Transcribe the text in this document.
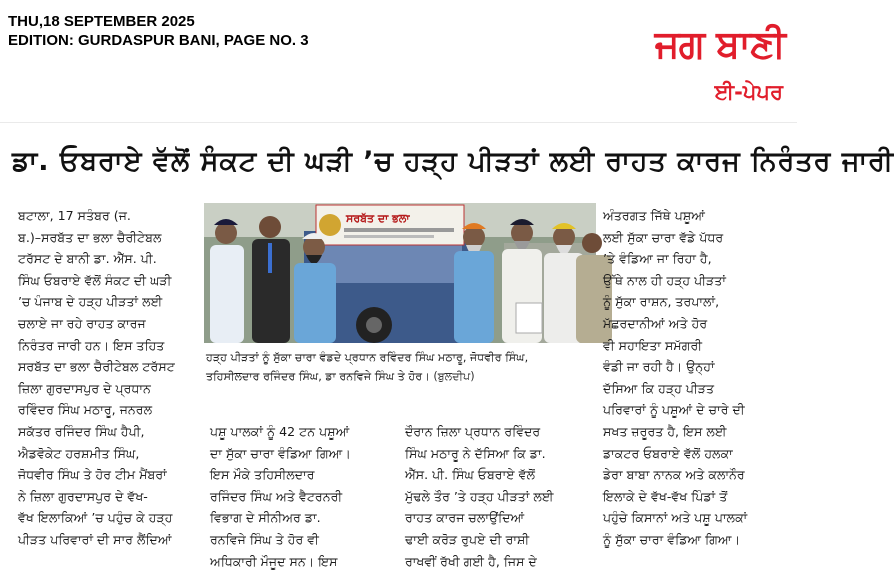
THU,18 SEPTEMBER 2025
EDITION: GURDASPUR BANI, PAGE NO. 3	ਜਗ ਬਾਣੀ
ਈ-ਪੇਪਰ
ਡਾ. ਓਬਰਾਏ ਵੱਲੋਂ ਸੰਕਟ ਦੀ ਘੜੀ ’ਚ ਹੜ੍ਹ ਪੀੜਤਾਂ ਲਈ ਰਾਹਤ ਕਾਰਜ ਨਿਰੰਤਰ ਜਾਰੀ

ਬਟਾਲਾ, 17 ਸਤੰਬਰ (ਜ.

ਬ.)–ਸਰਬੱਤ ਦਾ ਭਲਾ ਚੈਰੀਟੇਬਲ

ਟਰੱਸਟ ਦੇ ਬਾਨੀ ਡਾ. ਐੱਸ. ਪੀ.

ਸਿੰਘ ਓਬਰਾਏ ਵੱਲੋਂ ਸੰਕਟ ਦੀ ਘੜੀ

’ਚ ਪੰਜਾਬ ਦੇ ਹੜ੍ਹ ਪੀੜਤਾਂ ਲਈ

ਚਲਾਏ ਜਾ ਰਹੇ ਰਾਹਤ ਕਾਰਜ

ਨਿਰੰਤਰ ਜਾਰੀ ਹਨ। ਇਸ ਤਹਿਤ

ਸਰਬੱਤ ਦਾ ਭਲਾ ਚੈਰੀਟੇਬਲ ਟਰੱਸਟ

ਜ਼ਿਲਾ ਗੁਰਦਾਸਪੁਰ ਦੇ ਪ੍ਰਧਾਨ

ਰਵਿੰਦਰ ਸਿੰਘ ਮਠਾਰੂ, ਜਨਰਲ

ਸਕੱਤਰ ਰਜਿੰਦਰ ਸਿੰਘ ਹੈਪੀ,

ਐਡਵੋਕੇਟ ਹਰਸ਼ਮੀਤ ਸਿੰਘ,

ਜੋਧਵੀਰ ਸਿੰਘ ਤੇ ਹੋਰ ਟੀਮ ਮੈਂਬਰਾਂ

ਨੇ ਜ਼ਿਲਾ ਗੁਰਦਾਸਪੁਰ ਦੇ ਵੱਖ-

ਵੱਖ ਇਲਾਕਿਆਂ ’ਚ ਪਹੁੰਚ ਕੇ ਹੜ੍ਹ

ਪੀੜਤ ਪਰਿਵਾਰਾਂ ਦੀ ਸਾਰ ਲੈਂਦਿਆਂ

ਸਰਬੱਤ ਦਾ ਭਲਾ

ਹੜ੍ਹ ਪੀੜਤਾਂ ਨੂੰ ਸੁੱਕਾ ਚਾਰਾ ਵੰਡਦੇ ਪ੍ਰਧਾਨ ਰਵਿੰਦਰ ਸਿੰਘ ਮਠਾਰੂ, ਜੋਧਵੀਰ ਸਿੰਘ,

ਤਹਿਸੀਲਦਾਰ ਰਜਿੰਦਰ ਸਿੰਘ, ਡਾ ਰਨਵਿਜੇ ਸਿੰਘ ਤੇ ਹੋਰ। (ਬੁਲਦੀਪ)

ਪਸ਼ੂ ਪਾਲਕਾਂ ਨੂੰ 42 ਟਨ ਪਸ਼ੂਆਂ

ਦਾ ਸੁੱਕਾ ਚਾਰਾ ਵੰਡਿਆ ਗਿਆ।

ਇਸ ਮੌਕੇ ਤਹਿਸੀਲਦਾਰ

ਰਜਿੰਦਰ ਸਿੰਘ ਅਤੇ ਵੈਟਰਨਰੀ

ਵਿਭਾਗ ਦੇ ਸੀਨੀਅਰ ਡਾ.

ਰਨਵਿਜੇ ਸਿੰਘ ਤੇ ਹੋਰ ਵੀ

ਅਧਿਕਾਰੀ ਮੌਜੂਦ ਸਨ। ਇਸ

ਦੌਰਾਨ ਜ਼ਿਲਾ ਪ੍ਰਧਾਨ ਰਵਿੰਦਰ

ਸਿੰਘ ਮਠਾਰੂ ਨੇ ਦੱਸਿਆ ਕਿ ਡਾ.

ਐੱਸ. ਪੀ. ਸਿੰਘ ਓਬਰਾਏ ਵੱਲੋਂ

ਮੁੱਢਲੇ ਤੌਰ ’ਤੇ ਹੜ੍ਹ ਪੀੜਤਾਂ ਲਈ

ਰਾਹਤ ਕਾਰਜ ਚਲਾਉਂਦਿਆਂ

ਢਾਈ ਕਰੋੜ ਰੁਪਏ ਦੀ ਰਾਸ਼ੀ

ਰਾਖਵੀਂ ਰੱਖੀ ਗਈ ਹੈ, ਜਿਸ ਦੇ

ਅੰਤਰਗਤ ਜਿੱਥੇ ਪਸ਼ੂਆਂ

ਲਈ ਸੁੱਕਾ ਚਾਰਾ ਵੱਡੇ ਪੱਧਰ

’ਤੇ ਵੰਡਿਆ ਜਾ ਰਿਹਾ ਹੈ,

ਉੱਥੇ ਨਾਲ ਹੀ ਹੜ੍ਹ ਪੀੜਤਾਂ

ਨੂੰ ਸੁੱਕਾ ਰਾਸ਼ਨ, ਤਰਪਾਲਾਂ,

ਮੱਛਰਦਾਨੀਆਂ ਅਤੇ ਹੋਰ

ਵੀ ਸਹਾਇਤਾ ਸਮੱਗਰੀ

ਵੰਡੀ ਜਾ ਰਹੀ ਹੈ। ਉਨ੍ਹਾਂ

ਦੱਸਿਆ ਕਿ ਹੜ੍ਹ ਪੀੜਤ

ਪਰਿਵਾਰਾਂ ਨੂੰ ਪਸ਼ੂਆਂ ਦੇ ਚਾਰੇ ਦੀ

ਸਖਤ ਜ਼ਰੂਰਤ ਹੈ, ਇਸ ਲਈ

ਡਾਕਟਰ ਓਬਰਾਏ ਵੱਲੋਂ ਹਲਕਾ

ਡੇਰਾ ਬਾਬਾ ਨਾਨਕ ਅਤੇ ਕਲਾਨੌਰ

ਇਲਾਕੇ ਦੇ ਵੱਖ-ਵੱਖ ਪਿੰਡਾਂ ਤੋਂ

ਪਹੁੰਚੇ ਕਿਸਾਨਾਂ ਅਤੇ ਪਸ਼ੂ ਪਾਲਕਾਂ

ਨੂੰ ਸੁੱਕਾ ਚਾਰਾ ਵੰਡਿਆ ਗਿਆ।
